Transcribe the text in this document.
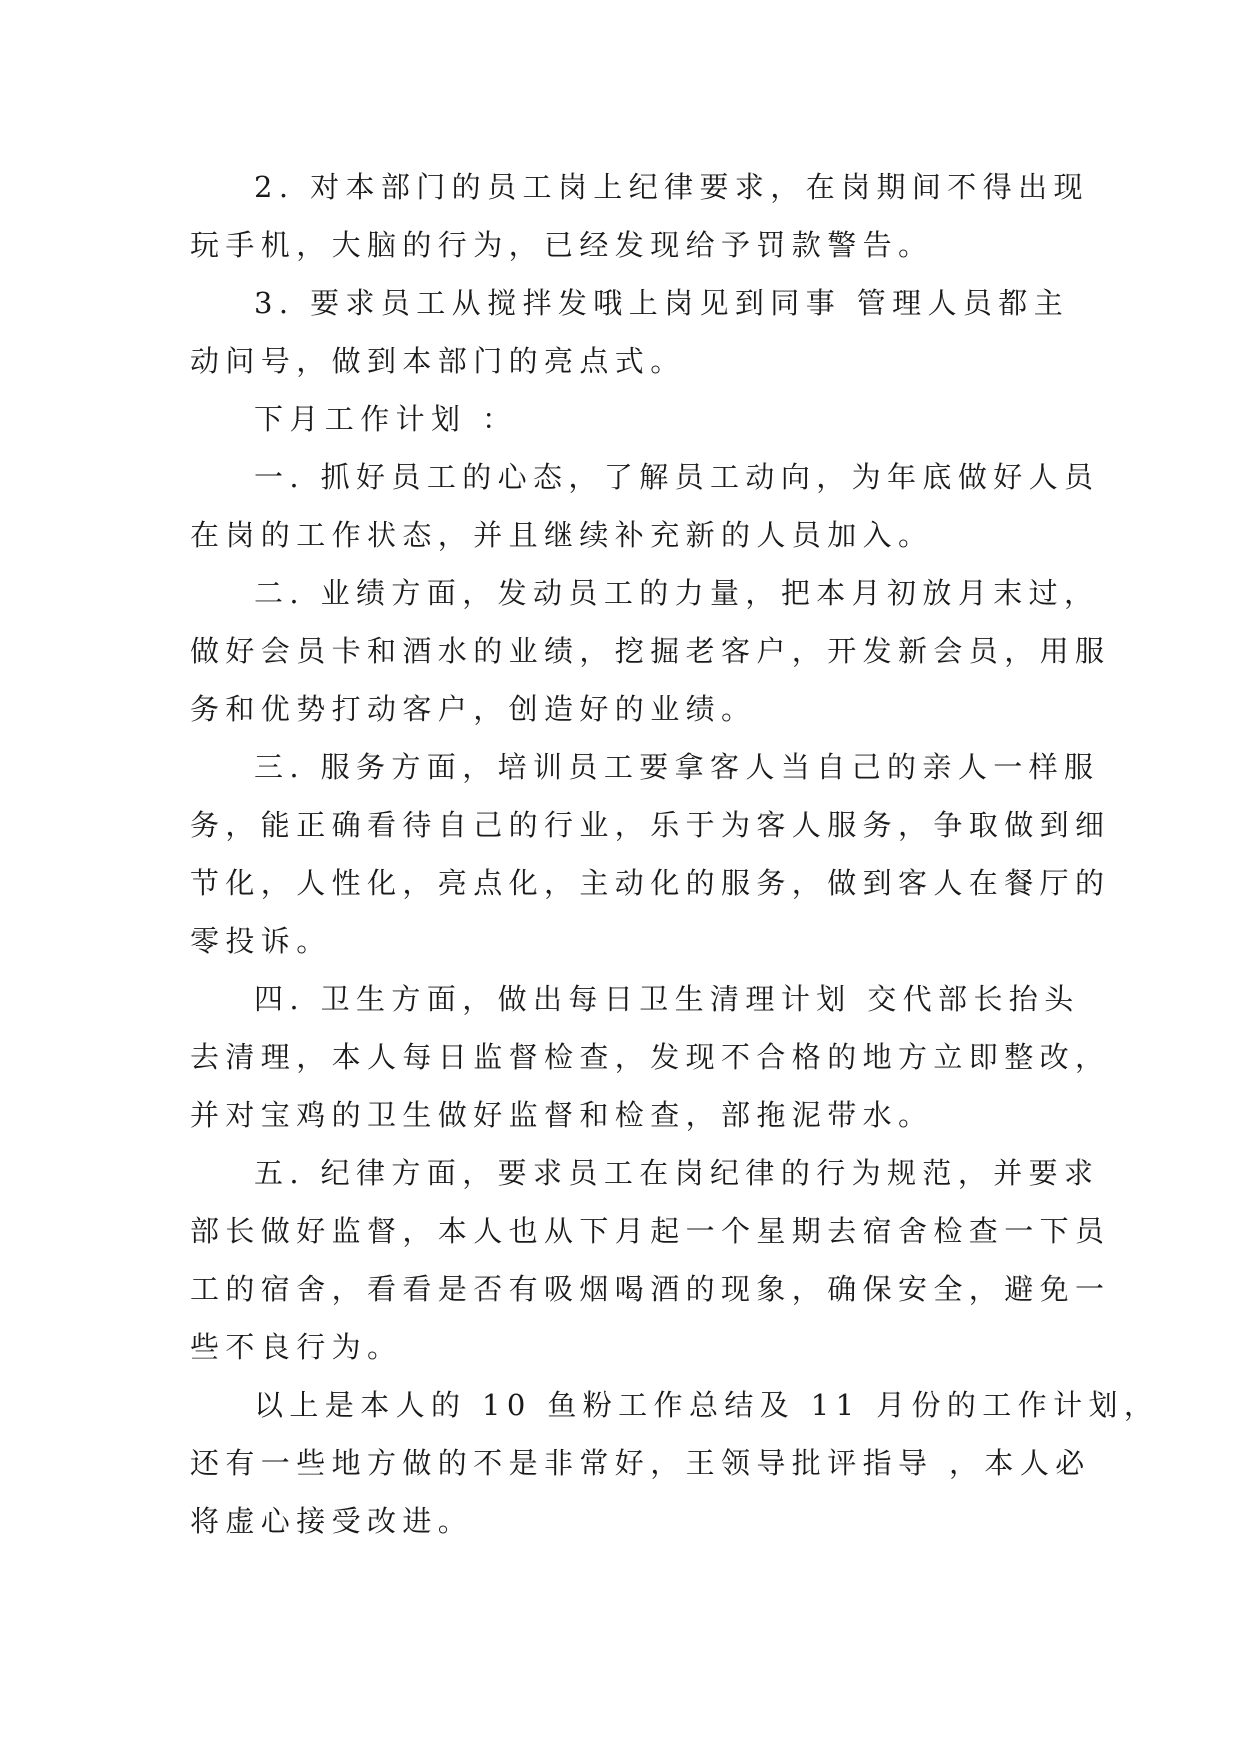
2. 对本部门的员工岗上纪律要求，在岗期间不得出现
玩手机，大脑的行为，已经发现给予罚款警告。
3. 要求员工从搅拌发哦上岗见到同事 管理人员都主
动问号，做到本部门的亮点式。
下月工作计划 ：
一. 抓好员工的心态，了解员工动向，为年底做好人员
在岗的工作状态，并且继续补充新的人员加入。
二. 业绩方面，发动员工的力量，把本月初放月末过，
做好会员卡和酒水的业绩，挖掘老客户，开发新会员，用服
务和优势打动客户，创造好的业绩。
三. 服务方面，培训员工要拿客人当自己的亲人一样服
务，能正确看待自己的行业，乐于为客人服务，争取做到细
节化，人性化，亮点化，主动化的服务，做到客人在餐厅的
零投诉。
四. 卫生方面，做出每日卫生清理计划 交代部长抬头
去清理，本人每日监督检查，发现不合格的地方立即整改，
并对宝鸡的卫生做好监督和检查，部拖泥带水。
五. 纪律方面，要求员工在岗纪律的行为规范，并要求
部长做好监督，本人也从下月起一个星期去宿舍检查一下员
工的宿舍，看看是否有吸烟喝酒的现象，确保安全，避免一
些不良行为。
以上是本人的 10 鱼粉工作总结及 11 月份的工作计划，
还有一些地方做的不是非常好，王领导批评指导 ，本人必
将虚心接受改进。
